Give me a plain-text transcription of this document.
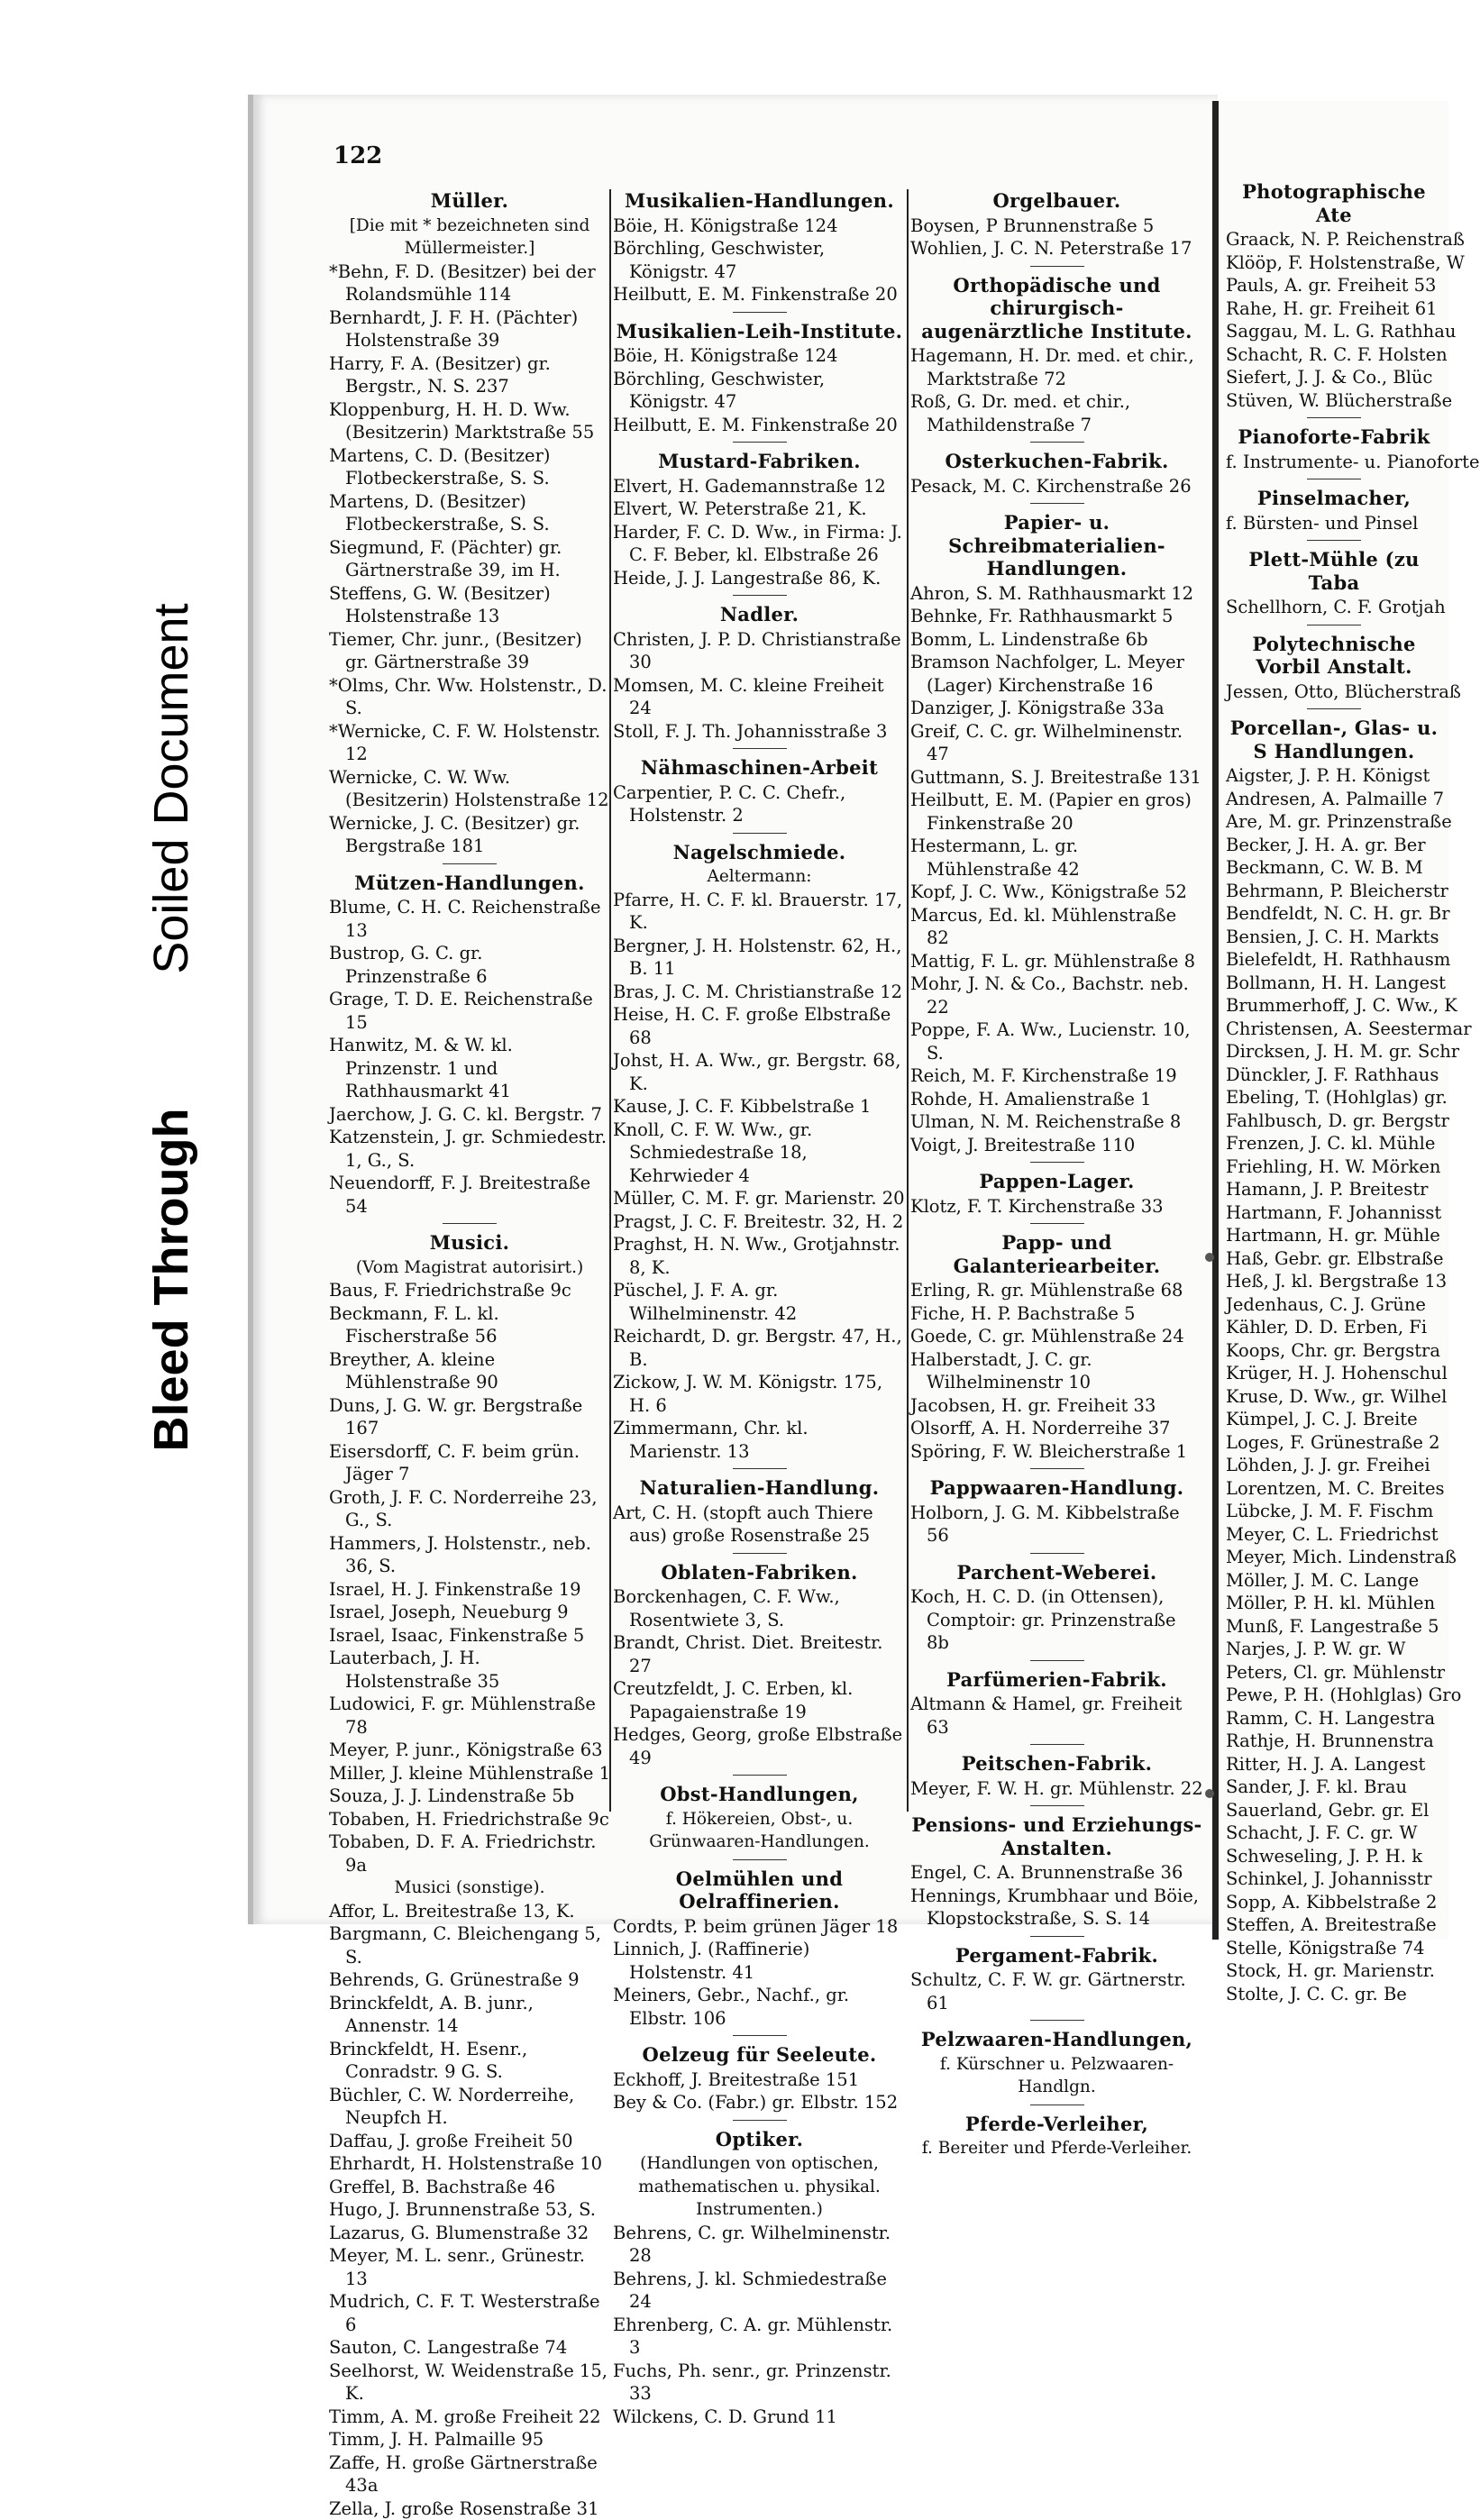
Bleed Through
Soiled Document
122
Müller.
[Die mit * bezeichneten sind Müllermeister.]
*Behn, F. D. (Besitzer) bei der Rolandsmühle 114
Bernhardt, J. F. H. (Pächter) Holstenstraße 39
Harry, F. A. (Besitzer) gr. Bergstr., N. S. 237
Kloppenburg, H. H. D. Ww. (Besitzerin) Marktstraße 55
Martens, C. D. (Besitzer) Flotbeckerstraße, S. S.
Martens, D. (Besitzer) Flotbeckerstraße, S. S.
Siegmund, F. (Pächter) gr. Gärtnerstraße 39, im H.
Steffens, G. W. (Besitzer) Holstenstraße 13
Tiemer, Chr. junr., (Besitzer) gr. Gärtnerstraße 39
*Olms, Chr. Ww. Holstenstr., D. S.
*Wernicke, C. F. W. Holstenstr. 12
Wernicke, C. W. Ww. (Besitzerin) Holstenstraße 12
Wernicke, J. C. (Besitzer) gr. Bergstraße 181
Mützen-Handlungen.
Blume, C. H. C. Reichenstraße 13
Bustrop, G. C. gr. Prinzenstraße 6
Grage, T. D. E. Reichenstraße 15
Hanwitz, M. & W. kl. Prinzenstr. 1 und Rathhausmarkt 41
Jaerchow, J. G. C. kl. Bergstr. 7
Katzenstein, J. gr. Schmiedestr. 1, G., S.
Neuendorff, F. J. Breitestraße 54
Musici.
(Vom Magistrat autorisirt.)
Baus, F. Friedrichstraße 9c
Beckmann, F. L. kl. Fischerstraße 56
Breyther, A. kleine Mühlenstraße 90
Duns, J. G. W. gr. Bergstraße 167
Eisersdorff, C. F. beim grün. Jäger 7
Groth, J. F. C. Norderreihe 23, G., S.
Hammers, J. Holstenstr., neb. 36, S.
Israel, H. J. Finkenstraße 19
Israel, Joseph, Neueburg 9
Israel, Isaac, Finkenstraße 5
Lauterbach, J. H. Holstenstraße 35
Ludowici, F. gr. Mühlenstraße 78
Meyer, P. junr., Königstraße 63
Miller, J. kleine Mühlenstraße 1
Souza, J. J. Lindenstraße 5b
Tobaben, H. Friedrichstraße 9c
Tobaben, D. F. A. Friedrichstr. 9a
Musici (sonstige).
Affor, L. Breitestraße 13, K.
Bargmann, C. Bleichengang 5, S.
Behrends, G. Grünestraße 9
Brinckfeldt, A. B. junr., Annenstr. 14
Brinckfeldt, H. Esenr., Conradstr. 9 G. S.
Büchler, C. W. Norderreihe, Neupfch H.
Daffau, J. große Freiheit 50
Ehrhardt, H. Holstenstraße 10
Greffel, B. Bachstraße 46
Hugo, J. Brunnenstraße 53, S.
Lazarus, G. Blumenstraße 32
Meyer, M. L. senr., Grünestr. 13
Mudrich, C. F. T. Westerstraße 6
Sauton, C. Langestraße 74
Seelhorst, W. Weidenstraße 15, K.
Timm, A. M. große Freiheit 22
Timm, J. H. Palmaille 95
Zaffe, H. große Gärtnerstraße 43a
Zella, J. große Rosenstraße 31
Musikalien-Handlungen.
Böie, H. Königstraße 124
Börchling, Geschwister, Königstr. 47
Heilbutt, E. M. Finkenstraße 20
Musikalien-Leih-Institute.
Böie, H. Königstraße 124
Börchling, Geschwister, Königstr. 47
Heilbutt, E. M. Finkenstraße 20
Mustard-Fabriken.
Elvert, H. Gademannstraße 12
Elvert, W. Peterstraße 21, K.
Harder, F. C. D. Ww., in Firma: J. C. F. Beber, kl. Elbstraße 26
Heide, J. J. Langestraße 86, K.
Nadler.
Christen, J. P. D. Christianstraße 30
Momsen, M. C. kleine Freiheit 24
Stoll, F. J. Th. Johannisstraße 3
Nähmaschinen-Arbeit
Carpentier, P. C. C. Chefr., Holstenstr. 2
Nagelschmiede.
Aeltermann:
Pfarre, H. C. F. kl. Brauerstr. 17, K.
Bergner, J. H. Holstenstr. 62, H., B. 11
Bras, J. C. M. Christianstraße 12
Heise, H. C. F. große Elbstraße 68
Johst, H. A. Ww., gr. Bergstr. 68, K.
Kause, J. C. F. Kibbelstraße 1
Knoll, C. F. W. Ww., gr. Schmiedestraße 18, Kehrwieder 4
Müller, C. M. F. gr. Marienstr. 20
Pragst, J. C. F. Breitestr. 32, H. 2
Praghst, H. N. Ww., Grotjahnstr. 8, K.
Püschel, J. F. A. gr. Wilhelminenstr. 42
Reichardt, D. gr. Bergstr. 47, H., B.
Zickow, J. W. M. Königstr. 175, H. 6
Zimmermann, Chr. kl. Marienstr. 13
Naturalien-Handlung.
Art, C. H. (stopft auch Thiere aus) große Rosenstraße 25
Oblaten-Fabriken.
Borckenhagen, C. F. Ww., Rosentwiete 3, S.
Brandt, Christ. Diet. Breitestr. 27
Creutzfeldt, J. C. Erben, kl. Papagaienstraße 19
Hedges, Georg, große Elbstraße 49
Obst-Handlungen,
f. Hökereien, Obst-, u. Grünwaaren-Handlungen.
Oelmühlen und Oelraffinerien.
Cordts, P. beim grünen Jäger 18
Linnich, J. (Raffinerie) Holstenstr. 41
Meiners, Gebr., Nachf., gr. Elbstr. 106
Oelzeug für Seeleute.
Eckhoff, J. Breitestraße 151
Bey & Co. (Fabr.) gr. Elbstr. 152
Optiker.
(Handlungen von optischen, mathematischen u. physikal. Instrumenten.)
Behrens, C. gr. Wilhelminenstr. 28
Behrens, J. kl. Schmiedestraße 24
Ehrenberg, C. A. gr. Mühlenstr. 3
Fuchs, Ph. senr., gr. Prinzenstr. 33
Wilckens, C. D. Grund 11
Orgelbauer.
Boysen, P Brunnenstraße 5
Wohlien, J. C. N. Peterstraße 17
Orthopädische und chirurgisch-augenärztliche Institute.
Hagemann, H. Dr. med. et chir., Marktstraße 72
Roß, G. Dr. med. et chir., Mathildenstraße 7
Osterkuchen-Fabrik.
Pesack, M. C. Kirchenstraße 26
Papier- u. Schreibmaterialien-Handlungen.
Ahron, S. M. Rathhausmarkt 12
Behnke, Fr. Rathhausmarkt 5
Bomm, L. Lindenstraße 6b
Bramson Nachfolger, L. Meyer (Lager) Kirchenstraße 16
Danziger, J. Königstraße 33a
Greif, C. C. gr. Wilhelminenstr. 47
Guttmann, S. J. Breitestraße 131
Heilbutt, E. M. (Papier en gros) Finkenstraße 20
Hestermann, L. gr. Mühlenstraße 42
Kopf, J. C. Ww., Königstraße 52
Marcus, Ed. kl. Mühlenstraße 82
Mattig, F. L. gr. Mühlenstraße 8
Mohr, J. N. & Co., Bachstr. neb. 22
Poppe, F. A. Ww., Lucienstr. 10, S.
Reich, M. F. Kirchenstraße 19
Rohde, H. Amalienstraße 1
Ulman, N. M. Reichenstraße 8
Voigt, J. Breitestraße 110
Pappen-Lager.
Klotz, F. T. Kirchenstraße 33
Papp- und Galanteriearbeiter.
Erling, R. gr. Mühlenstraße 68
Fiche, H. P. Bachstraße 5
Goede, C. gr. Mühlenstraße 24
Halberstadt, J. C. gr. Wilhelminenstr 10
Jacobsen, H. gr. Freiheit 33
Olsorff, A. H. Norderreihe 37
Spöring, F. W. Bleicherstraße 1
Pappwaaren-Handlung.
Holborn, J. G. M. Kibbelstraße 56
Parchent-Weberei.
Koch, H. C. D. (in Ottensen), Comptoir: gr. Prinzenstraße 8b
Parfümerien-Fabrik.
Altmann & Hamel, gr. Freiheit 63
Peitschen-Fabrik.
Meyer, F. W. H. gr. Mühlenstr. 22
Pensions- und Erziehungs-Anstalten.
Engel, C. A. Brunnenstraße 36
Hennings, Krumbhaar und Böie, Klopstockstraße, S. S. 14
Pergament-Fabrik.
Schultz, C. F. W. gr. Gärtnerstr. 61
Pelzwaaren-Handlungen,
f. Kürschner u. Pelzwaaren-Handlgn.
Pferde-Verleiher,
f. Bereiter und Pferde-Verleiher.
Photographische Ate
Graack, N. P. Reichenstraß
Klööp, F. Holstenstraße, W
Pauls, A. gr. Freiheit 53
Rahe, H. gr. Freiheit 61
Saggau, M. L. G. Rathhau
Schacht, R. C. F. Holsten
Siefert, J. J. & Co., Blüc
Stüven, W. Blücherstraße
Pianoforte-Fabrik
f. Instrumente- u. Pianoforte
Pinselmacher,
f. Bürsten- und Pinsel
Plett-Mühle (zu Taba
Schellhorn, C. F. Grotjah
Polytechnische Vorbil Anstalt.
Jessen, Otto, Blücherstraß
Porcellan-, Glas- u. S Handlungen.
Aigster, J. P. H. Königst
Andresen, A. Palmaille 7
Are, M. gr. Prinzenstraße
Becker, J. H. A. gr. Ber
Beckmann, C. W. B. M
Behrmann, P. Bleicherstr
Bendfeldt, N. C. H. gr. Br
Bensien, J. C. H. Markts
Bielefeldt, H. Rathhausm
Bollmann, H. H. Langest
Brummerhoff, J. C. Ww., K
Christensen, A. Seestermar
Dircksen, J. H. M. gr. Schr
Dünckler, J. F. Rathhaus
Ebeling, T. (Hohlglas) gr.
Fahlbusch, D. gr. Bergstr
Frenzen, J. C. kl. Mühle
Friehling, H. W. Mörken
Hamann, J. P. Breitestr
Hartmann, F. Johannisst
Hartmann, H. gr. Mühle
Haß, Gebr. gr. Elbstraße
Heß, J. kl. Bergstraße 13
Jedenhaus, C. J. Grüne
Kähler, D. D. Erben, Fi
Koops, Chr. gr. Bergstra
Krüger, H. J. Hohenschul
Kruse, D. Ww., gr. Wilhel
Kümpel, J. C. J. Breite
Loges, F. Grünestraße 2
Löhden, J. J. gr. Freihei
Lorentzen, M. C. Breites
Lübcke, J. M. F. Fischm
Meyer, C. L. Friedrichst
Meyer, Mich. Lindenstraß
Möller, J. M. C. Lange
Möller, P. H. kl. Mühlen
Munß, F. Langestraße 5
Narjes, J. P. W. gr. W
Peters, Cl. gr. Mühlenstr
Pewe, P. H. (Hohlglas) Gro
Ramm, C. H. Langestra
Rathje, H. Brunnenstra
Ritter, H. J. A. Langest
Sander, J. F. kl. Brau
Sauerland, Gebr. gr. El
Schacht, J. F. C. gr. W
Schweseling, J. P. H. k
Schinkel, J. Johannisstr
Sopp, A. Kibbelstraße 2
Steffen, A. Breitestraße
Stelle, Königstraße 74
Stock, H. gr. Marienstr.
Stolte, J. C. C. gr. Be
